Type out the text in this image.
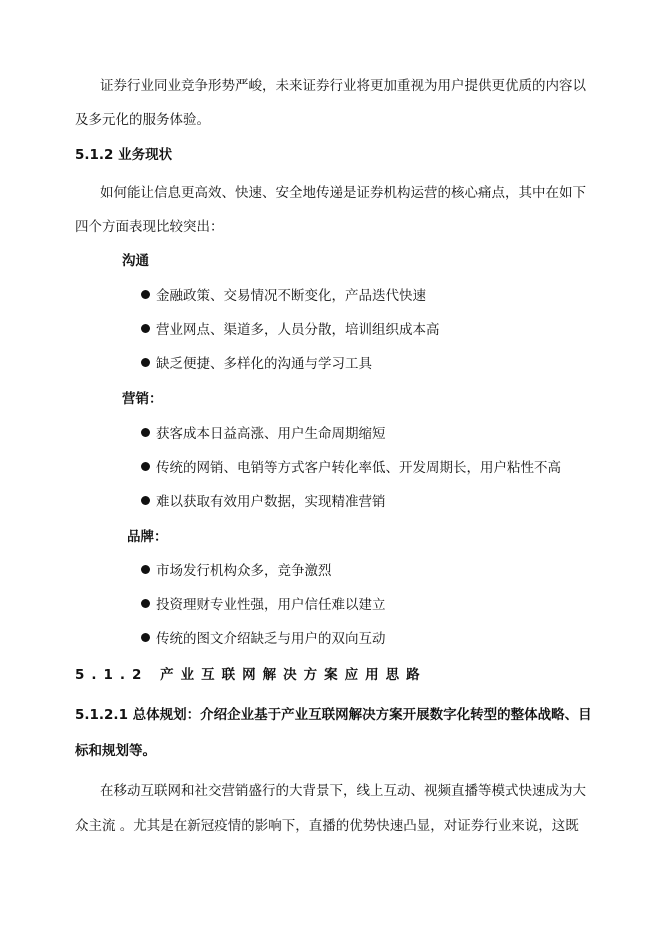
证券行业同业竞争形势严峻，未来证券行业将更加重视为用户提供更优质的内容以
及多元化的服务体验。
5.1.2 业务现状
如何能让信息更高效、快速、安全地传递是证券机构运营的核心痛点，其中在如下
四个方面表现比较突出：
沟通
金融政策、交易情况不断变化，产品迭代快速
营业网点、渠道多，人员分散，培训组织成本高
缺乏便捷、多样化的沟通与学习工具
营销：
获客成本日益高涨、用户生命周期缩短
传统的网销、电销等方式客户转化率低、开发周期长，用户粘性不高
难以获取有效用户数据，实现精准营销
品牌：
市场发行机构众多，竞争激烈
投资理财专业性强，用户信任难以建立
传统的图文介绍缺乏与用户的双向互动
5.1.2 产业互联网解决方案应用思路
5.1.2.1 总体规划：介绍企业基于产业互联网解决方案开展数字化转型的整体战略、目
标和规划等。
在移动互联网和社交营销盛行的大背景下，线上互动、视频直播等模式快速成为大
众主流 。尤其是在新冠疫情的影响下，直播的优势快速凸显，对证券行业来说，这既
